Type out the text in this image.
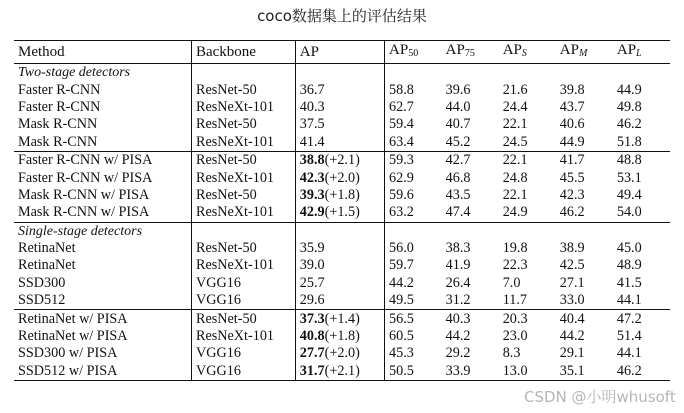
coco数据集上的评估结果
Method	Backbone	AP	$AP_{50}$	$AP_{75}$	$AP_S$	$AP_M$	$AP_L$
Two-stage detectors							
Faster R-CNN	ResNet-50	36.7	58.8	39.6	21.6	39.8	44.9
Faster R-CNN	ResNeXt-101	40.3	62.7	44.0	24.4	43.7	49.8
Mask R-CNN	ResNet-50	37.5	59.4	40.7	22.1	40.6	46.2
Mask R-CNN	ResNeXt-101	41.4	63.4	45.2	24.5	44.9	51.8
Faster R-CNN w/ PISA	ResNet-50	38.8(+2.1)	59.3	42.7	22.1	41.7	48.8
Faster R-CNN w/ PISA	ResNeXt-101	42.3(+2.0)	62.9	46.8	24.8	45.5	53.1
Mask R-CNN w/ PISA	ResNet-50	39.3(+1.8)	59.6	43.5	22.1	42.3	49.4
Mask R-CNN w/ PISA	ResNeXt-101	42.9(+1.5)	63.2	47.4	24.9	46.2	54.0
Single-stage detectors							
RetinaNet	ResNet-50	35.9	56.0	38.3	19.8	38.9	45.0
RetinaNet	ResNeXt-101	39.0	59.7	41.9	22.3	42.5	48.9
SSD300	VGG16	25.7	44.2	26.4	7.0	27.1	41.5
SSD512	VGG16	29.6	49.5	31.2	11.7	33.0	44.1
RetinaNet w/ PISA	ResNet-50	37.3(+1.4)	56.5	40.3	20.3	40.4	47.2
RetinaNet w/ PISA	ResNeXt-101	40.8(+1.8)	60.5	44.2	23.0	44.2	51.4
SSD300 w/ PISA	VGG16	27.7(+2.0)	45.3	29.2	8.3	29.1	44.1
SSD512 w/ PISA	VGG16	31.7(+2.1)	50.5	33.9	13.0	35.1	46.2
CSDN @小明whusoft
